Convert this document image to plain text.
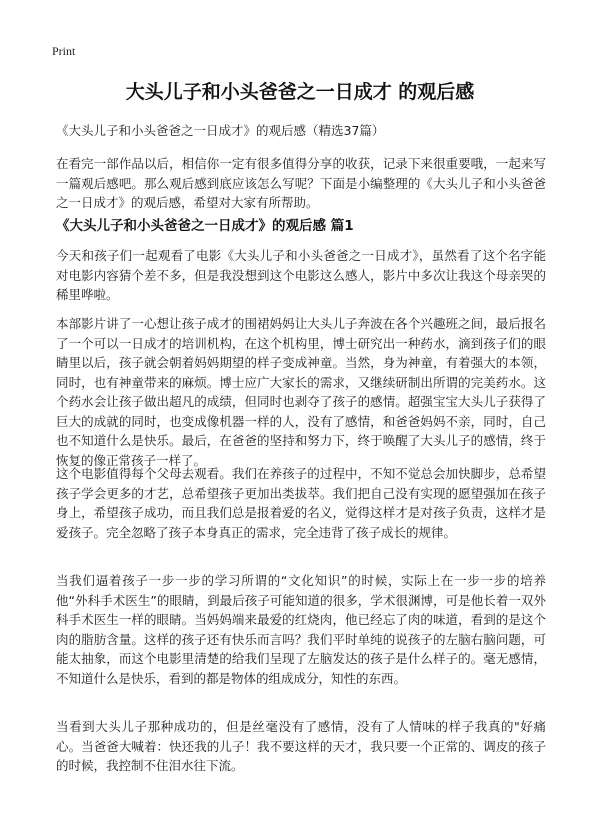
Print
大头儿子和小头爸爸之一日成才 的观后感
《大头儿子和小头爸爸之一日成才》的观后感（精选37篇）

在看完一部作品以后，相信你一定有很多值得分享的收获，记录下来很重要哦，一起来写一篇观后感吧。那么观后感到底应该怎么写呢？下面是小编整理的《大头儿子和小头爸爸之一日成才》的观后感，希望对大家有所帮助。

《大头儿子和小头爸爸之一日成才》的观后感 篇1

今天和孩子们一起观看了电影《大头儿子和小头爸爸之一日成才》，虽然看了这个名字能对电影内容猜个差不多，但是我没想到这个电影这么感人，影片中多次让我这个母亲哭的稀里哗啦。

本部影片讲了一心想让孩子成才的围裙妈妈让大头儿子奔波在各个兴趣班之间，最后报名了一个可以一日成才的培训机构，在这个机构里，博士研究出一种药水，滴到孩子们的眼睛里以后，孩子就会朝着妈妈期望的样子变成神童。当然，身为神童，有着强大的本领，同时，也有神童带来的麻烦。博士应广大家长的需求，又继续研制出所谓的完美药水。这个药水会让孩子做出超凡的成绩，但同时也剥夺了孩子的感情。超强宝宝大头儿子获得了巨大的成就的同时，也变成像机器一样的人，没有了感情，和爸爸妈妈不亲，同时，自己也不知道什么是快乐。最后，在爸爸的坚持和努力下，终于唤醒了大头儿子的感情，终于恢复的像正常孩子一样了。

这个电影值得每个父母去观看。我们在养孩子的过程中，不知不觉总会加快脚步，总希望孩子学会更多的才艺，总希望孩子更加出类拔萃。我们把自己没有实现的愿望强加在孩子身上，希望孩子成功，而且我们总是报着爱的名义，觉得这样才是对孩子负责，这样才是爱孩子。完全忽略了孩子本身真正的需求，完全违背了孩子成长的规律。

当我们逼着孩子一步一步的学习所谓的“文化知识”的时候，实际上在一步一步的培养他“外科手术医生”的眼睛，到最后孩子可能知道的很多，学术很渊博，可是他长着一双外科手术医生一样的眼睛。当妈妈端来最爱的红烧肉，他已经忘了肉的味道，看到的是这个肉的脂肪含量。这样的孩子还有快乐而言吗？我们平时单纯的说孩子的左脑右脑问题，可能太抽象，而这个电影里清楚的给我们呈现了左脑发达的孩子是什么样子的。毫无感情，不知道什么是快乐，看到的都是物体的组成成分，知性的东西。

当看到大头儿子那种成功的，但是丝毫没有了感情，没有了人情味的样子我真的"好痛心。当爸爸大喊着：快还我的儿子！我不要这样的天才，我只要一个正常的、调皮的孩子的时候，我控制不住泪水往下流。
